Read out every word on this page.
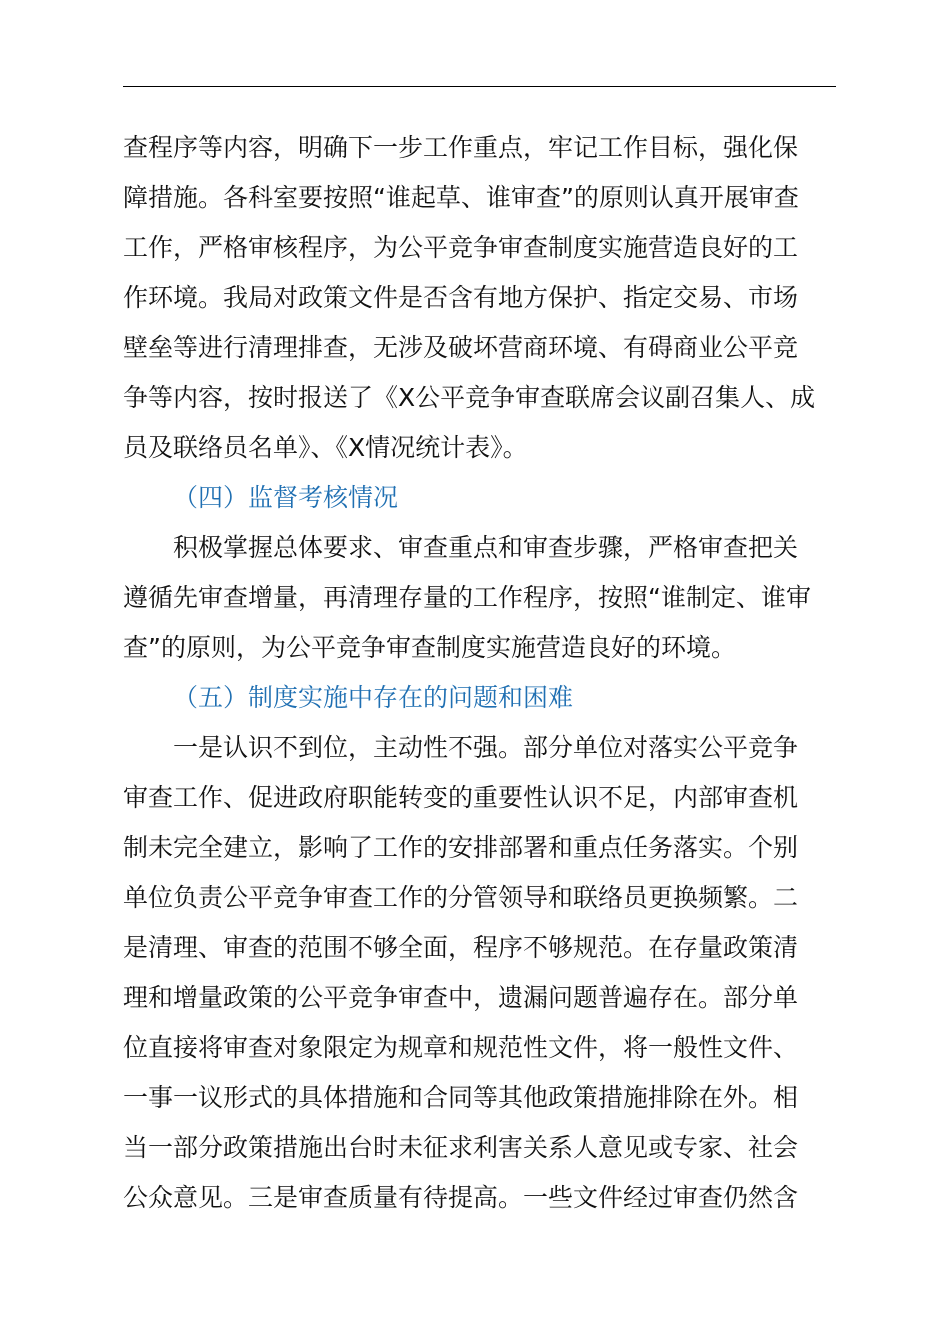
查程序等内容，明确下一步工作重点，牢记工作目标，强化保
障措施。各科室要按照“谁起草、谁审查”的原则认真开展审查
工作，严格审核程序，为公平竞争审查制度实施营造良好的工
作环境。我局对政策文件是否含有地方保护、指定交易、市场
壁垒等进行清理排查，无涉及破坏营商环境、有碍商业公平竞
争等内容，按时报送了《X公平竞争审查联席会议副召集人、成
员及联络员名单》、《X情况统计表》。
（四）监督考核情况
积极掌握总体要求、审查重点和审查步骤，严格审查把关
遵循先审查增量，再清理存量的工作程序，按照“谁制定、谁审
查”的原则，为公平竞争审查制度实施营造良好的环境。
（五）制度实施中存在的问题和困难
一是认识不到位，主动性不强。部分单位对落实公平竞争
审查工作、促进政府职能转变的重要性认识不足，内部审查机
制未完全建立，影响了工作的安排部署和重点任务落实。个别
单位负责公平竞争审查工作的分管领导和联络员更换频繁。二
是清理、审查的范围不够全面，程序不够规范。在存量政策清
理和增量政策的公平竞争审查中，遗漏问题普遍存在。部分单
位直接将审查对象限定为规章和规范性文件，将一般性文件、
一事一议形式的具体措施和合同等其他政策措施排除在外。相
当一部分政策措施出台时未征求利害关系人意见或专家、社会
公众意见。三是审查质量有待提高。一些文件经过审查仍然含
